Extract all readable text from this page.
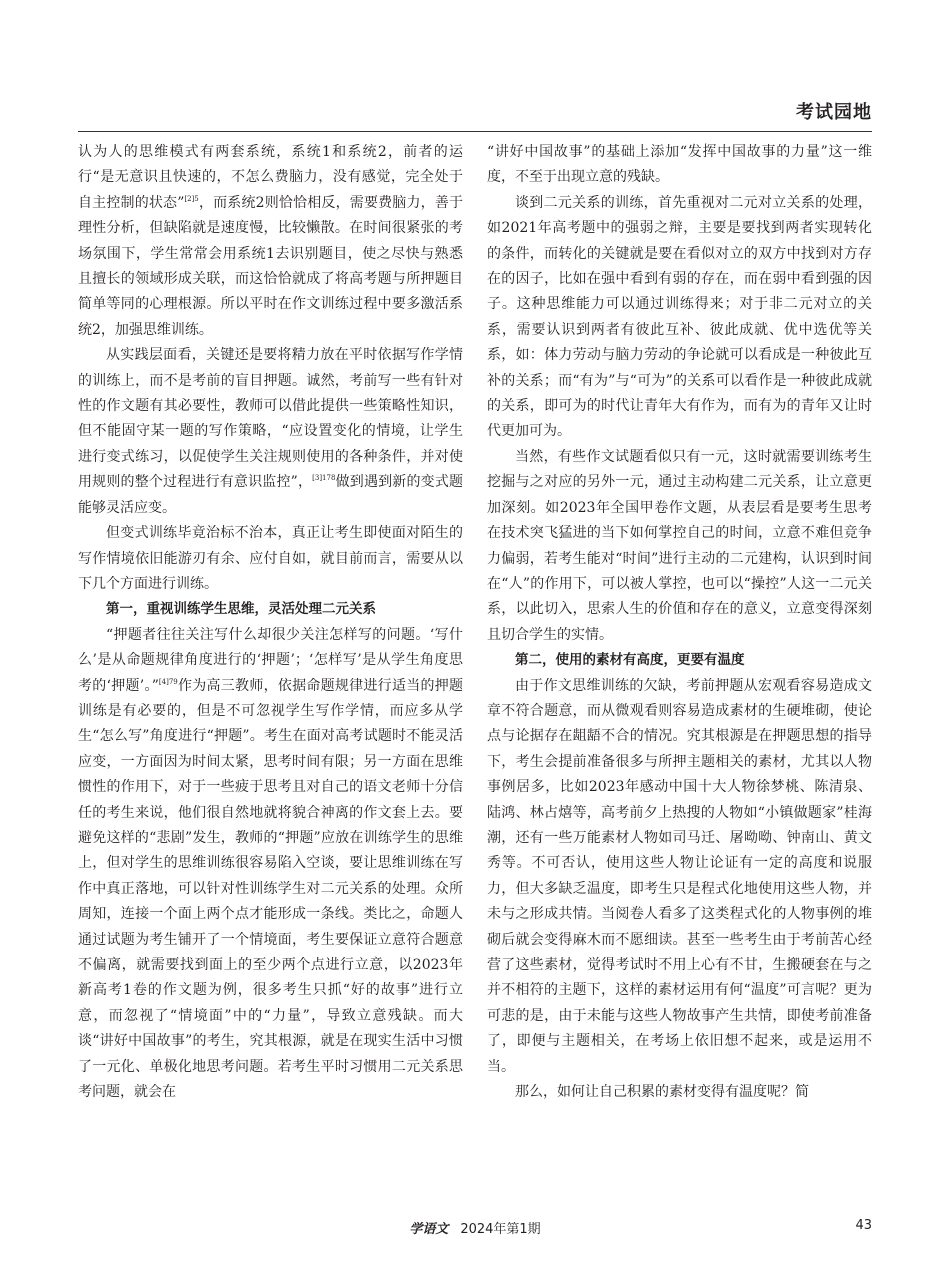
考试园地

认为人的思维模式有两套系统，系统1和系统2，前者的运行“是无意识且快速的，不怎么费脑力，没有感觉，完全处于自主控制的状态”$^{[2]5}$，而系统2则恰恰相反，需要费脑力，善于理性分析，但缺陷就是速度慢，比较懒散。在时间很紧张的考场氛围下，学生常常会用系统1去识别题目，使之尽快与熟悉且擅长的领域形成关联，而这恰恰就成了将高考题与所押题目简单等同的心理根源。所以平时在作文训练过程中要多激活系统2，加强思维训练。

从实践层面看，关键还是要将精力放在平时依据写作学情的训练上，而不是考前的盲目押题。诚然，考前写一些有针对性的作文题有其必要性，教师可以借此提供一些策略性知识，但不能固守某一题的写作策略，“应设置变化的情境，让学生进行变式练习，以促使学生关注规则使用的各种条件，并对使用规则的整个过程进行有意识监控”，$^{[3]178}$做到遇到新的变式题能够灵活应变。

但变式训练毕竟治标不治本，真正让考生即使面对陌生的写作情境依旧能游刃有余、应付自如，就目前而言，需要从以下几个方面进行训练。

第一，重视训练学生思维，灵活处理二元关系

“押题者往往关注写什么却很少关注怎样写的问题。‘写什么’是从命题规律角度进行的‘押题’；‘怎样写’是从学生角度思考的‘押题’。”$^{[4]79}$作为高三教师，依据命题规律进行适当的押题训练是有必要的，但是不可忽视学生写作学情，而应多从学生“怎么写”角度进行“押题”。考生在面对高考试题时不能灵活应变，一方面因为时间太紧，思考时间有限；另一方面在思维惯性的作用下，对于一些疲于思考且对自己的语文老师十分信任的考生来说，他们很自然地就将貌合神离的作文套上去。要避免这样的“悲剧”发生，教师的“押题”应放在训练学生的思维上，但对学生的思维训练很容易陷入空谈，要让思维训练在写作中真正落地，可以针对性训练学生对二元关系的处理。众所周知，连接一个面上两个点才能形成一条线。类比之，命题人通过试题为考生铺开了一个情境面，考生要保证立意符合题意不偏离，就需要找到面上的至少两个点进行立意，以2023年新高考1卷的作文题为例，很多考生只抓“好的故事”进行立意，而忽视了“情境面”中的“力量”，导致立意残缺。而大谈“讲好中国故事”的考生，究其根源，就是在现实生活中习惯了一元化、单极化地思考问题。若考生平时习惯用二元关系思考问题，就会在

“讲好中国故事”的基础上添加“发挥中国故事的力量”这一维度，不至于出现立意的残缺。

谈到二元关系的训练，首先重视对二元对立关系的处理，如2021年高考题中的强弱之辩，主要是要找到两者实现转化的条件，而转化的关键就是要在看似对立的双方中找到对方存在的因子，比如在强中看到有弱的存在，而在弱中看到强的因子。这种思维能力可以通过训练得来；对于非二元对立的关系，需要认识到两者有彼此互补、彼此成就、优中选优等关系，如：体力劳动与脑力劳动的争论就可以看成是一种彼此互补的关系；而“有为”与“可为”的关系可以看作是一种彼此成就的关系，即可为的时代让青年大有作为，而有为的青年又让时代更加可为。

当然，有些作文试题看似只有一元，这时就需要训练考生挖掘与之对应的另外一元，通过主动构建二元关系，让立意更加深刻。如2023年全国甲卷作文题，从表层看是要考生思考在技术突飞猛进的当下如何掌控自己的时间，立意不难但竞争力偏弱，若考生能对“时间”进行主动的二元建构，认识到时间在“人”的作用下，可以被人掌控，也可以“操控”人这一二元关系，以此切入，思索人生的价值和存在的意义，立意变得深刻且切合学生的实情。

第二，使用的素材有高度，更要有温度

由于作文思维训练的欠缺，考前押题从宏观看容易造成文章不符合题意，而从微观看则容易造成素材的生硬堆砌，使论点与论据存在龃龉不合的情况。究其根源是在押题思想的指导下，考生会提前准备很多与所押主题相关的素材，尤其以人物事例居多，比如2023年感动中国十大人物徐梦桃、陈清泉、陆鸿、林占熺等，高考前夕上热搜的人物如“小镇做题家”桂海潮，还有一些万能素材人物如司马迁、屠呦呦、钟南山、黄文秀等。不可否认，使用这些人物让论证有一定的高度和说服力，但大多缺乏温度，即考生只是程式化地使用这些人物，并未与之形成共情。当阅卷人看多了这类程式化的人物事例的堆砌后就会变得麻木而不愿细读。甚至一些考生由于考前苦心经营了这些素材，觉得考试时不用上心有不甘，生搬硬套在与之并不相符的主题下，这样的素材运用有何“温度”可言呢？更为可悲的是，由于未能与这些人物故事产生共情，即使考前准备了，即便与主题相关，在考场上依旧想不起来，或是运用不当。

那么，如何让自己积累的素材变得有温度呢？简

学语文 2024年第1期	43
